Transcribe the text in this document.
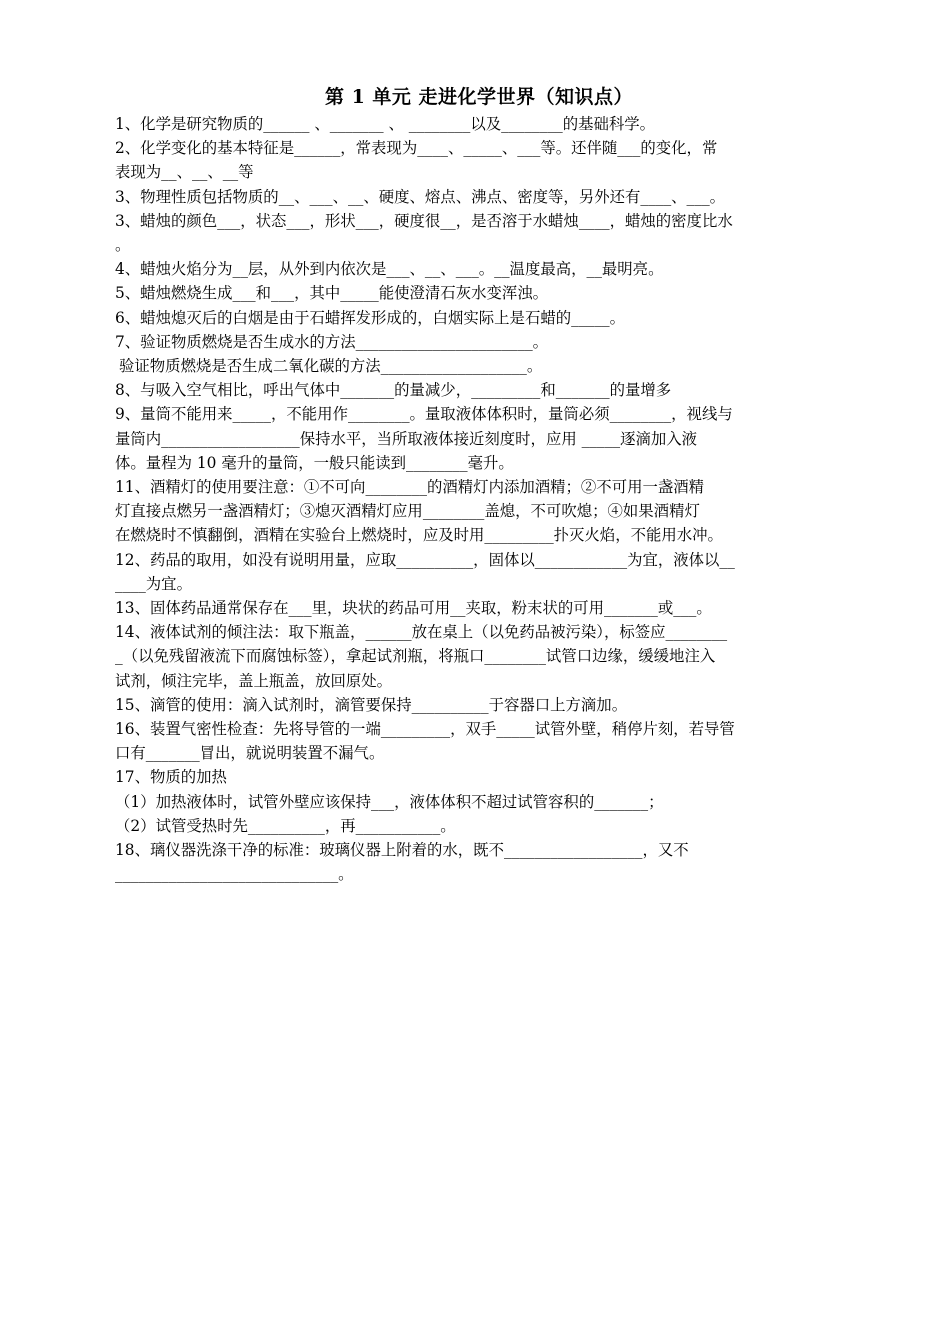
第 1 单元 走进化学世界（知识点）
1、化学是研究物质的______ 、_______ 、 ________以及________的基础科学。
2、化学变化的基本特征是______，常表现为____、_____、___等。还伴随___的变化，常
表现为__、__、__等
3、物理性质包括物质的__、___、__、硬度、熔点、沸点、密度等，另外还有____、___。
3、蜡烛的颜色___，状态___，形状___，硬度很__，是否溶于水蜡烛____，蜡烛的密度比水
。
4、蜡烛火焰分为__层，从外到内依次是___、__、___。__温度最高，__最明亮。
5、蜡烛燃烧生成___和___，其中_____能使澄清石灰水变浑浊。
6、蜡烛熄灭后的白烟是由于石蜡挥发形成的，白烟实际上是石蜡的_____。
7、验证物质燃烧是否生成水的方法_______________________。
验证物质燃烧是否生成二氧化碳的方法___________________。
8、与吸入空气相比，呼出气体中_______的量减少，_________和_______的量增多
9、量筒不能用来_____，不能用作________。量取液体体积时，量筒必须________，视线与
量筒内__________________保持水平，当所取液体接近刻度时，应用 _____逐滴加入液
体。量程为 10 毫升的量筒，一般只能读到________毫升。
11、酒精灯的使用要注意：①不可向________的酒精灯内添加酒精；②不可用一盏酒精
灯直接点燃另一盏酒精灯；③熄灭酒精灯应用________盖熄，不可吹熄；④如果酒精灯
在燃烧时不慎翻倒，酒精在实验台上燃烧时，应及时用_________扑灭火焰，不能用水冲。
12、药品的取用，如没有说明用量，应取__________，固体以____________为宜，液体以__
____为宜。
13、固体药品通常保存在___里，块状的药品可用__夹取，粉末状的可用_______或___。
14、液体试剂的倾注法：取下瓶盖，______放在桌上（以免药品被污染），标签应________
_（以免残留液流下而腐蚀标签），拿起试剂瓶，将瓶口________试管口边缘，缓缓地注入
试剂，倾注完毕，盖上瓶盖，放回原处。
15、滴管的使用：滴入试剂时，滴管要保持__________于容器口上方滴加。
16、装置气密性检查：先将导管的一端_________，双手_____试管外壁，稍停片刻，若导管
口有_______冒出，就说明装置不漏气。
17、物质的加热
（1）加热液体时，试管外壁应该保持___，液体体积不超过试管容积的_______；
（2）试管受热时先__________，再___________。
18、璃仪器洗涤干净的标准：玻璃仪器上附着的水，既不__________________，又不
_____________________________。
